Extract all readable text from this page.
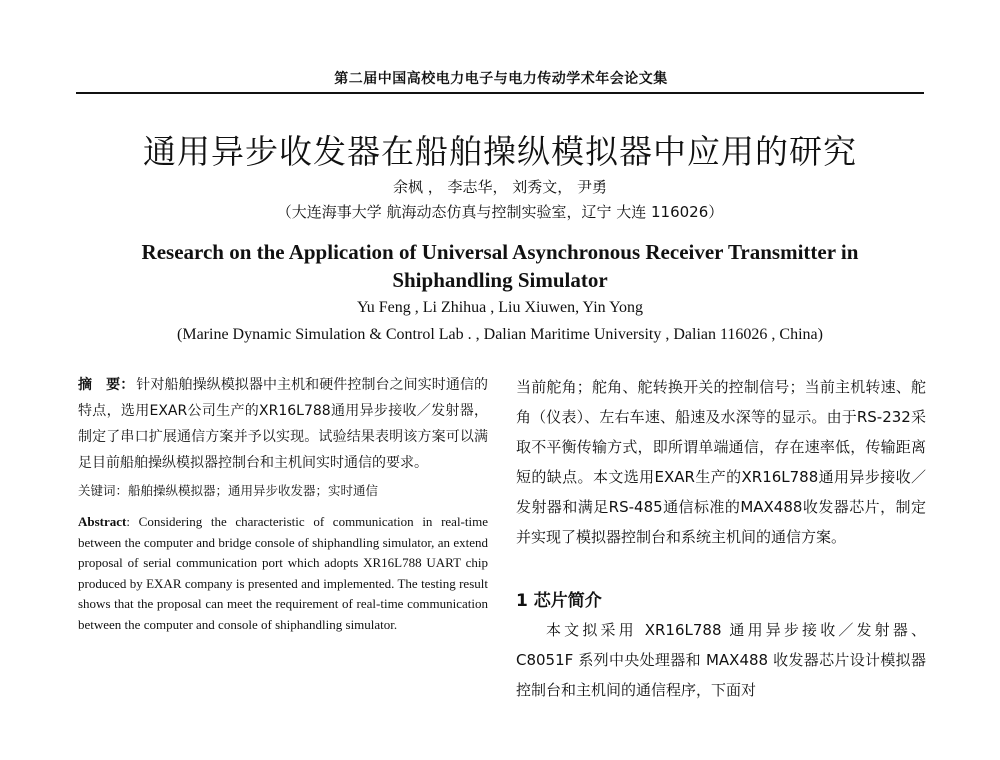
第二届中国高校电力电子与电力传动学术年会论文集
通用异步收发器在船舶操纵模拟器中应用的研究
余枫 ， 李志华， 刘秀文， 尹勇
（大连海事大学 航海动态仿真与控制实验室，辽宁 大连 116026）
Research on the Application of Universal Asynchronous Receiver Transmitter in Shiphandling Simulator
Yu Feng , Li Zhihua , Liu Xiuwen, Yin Yong
(Marine Dynamic Simulation & Control Lab . , Dalian Maritime University , Dalian 116026 , China)

摘　要： 针对船舶操纵模拟器中主机和硬件控制台之间实时通信的特点，选用EXAR公司生产的XR16L788通用异步接收／发射器，制定了串口扩展通信方案并予以实现。试验结果表明该方案可以满足目前船舶操纵模拟器控制台和主机间实时通信的要求。

关键词：船舶操纵模拟器；通用异步收发器；实时通信

Abstract: Considering the characteristic of communication in real-time between the computer and bridge console of shiphandling simulator, an extend proposal of serial communication port which adopts XR16L788 UART chip produced by EXAR company is presented and implemented. The testing result shows that the proposal can meet the requirement of real-time communication between the computer and console of shiphandling simulator.

当前舵角；舵角、舵转换开关的控制信号；当前主机转速、舵角（仪表）、左右车速、船速及水深等的显示。由于RS-232采取不平衡传输方式，即所谓单端通信，存在速率低，传输距离短的缺点。本文选用EXAR生产的XR16L788通用异步接收／发射器和满足RS-485通信标准的MAX488收发器芯片，制定并实现了模拟器控制台和系统主机间的通信方案。

1 芯片简介

本文拟采用 XR16L788 通用异步接收／发射器、C8051F 系列中央处理器和 MAX488 收发器芯片设计模拟器控制台和主机间的通信程序，下面对
